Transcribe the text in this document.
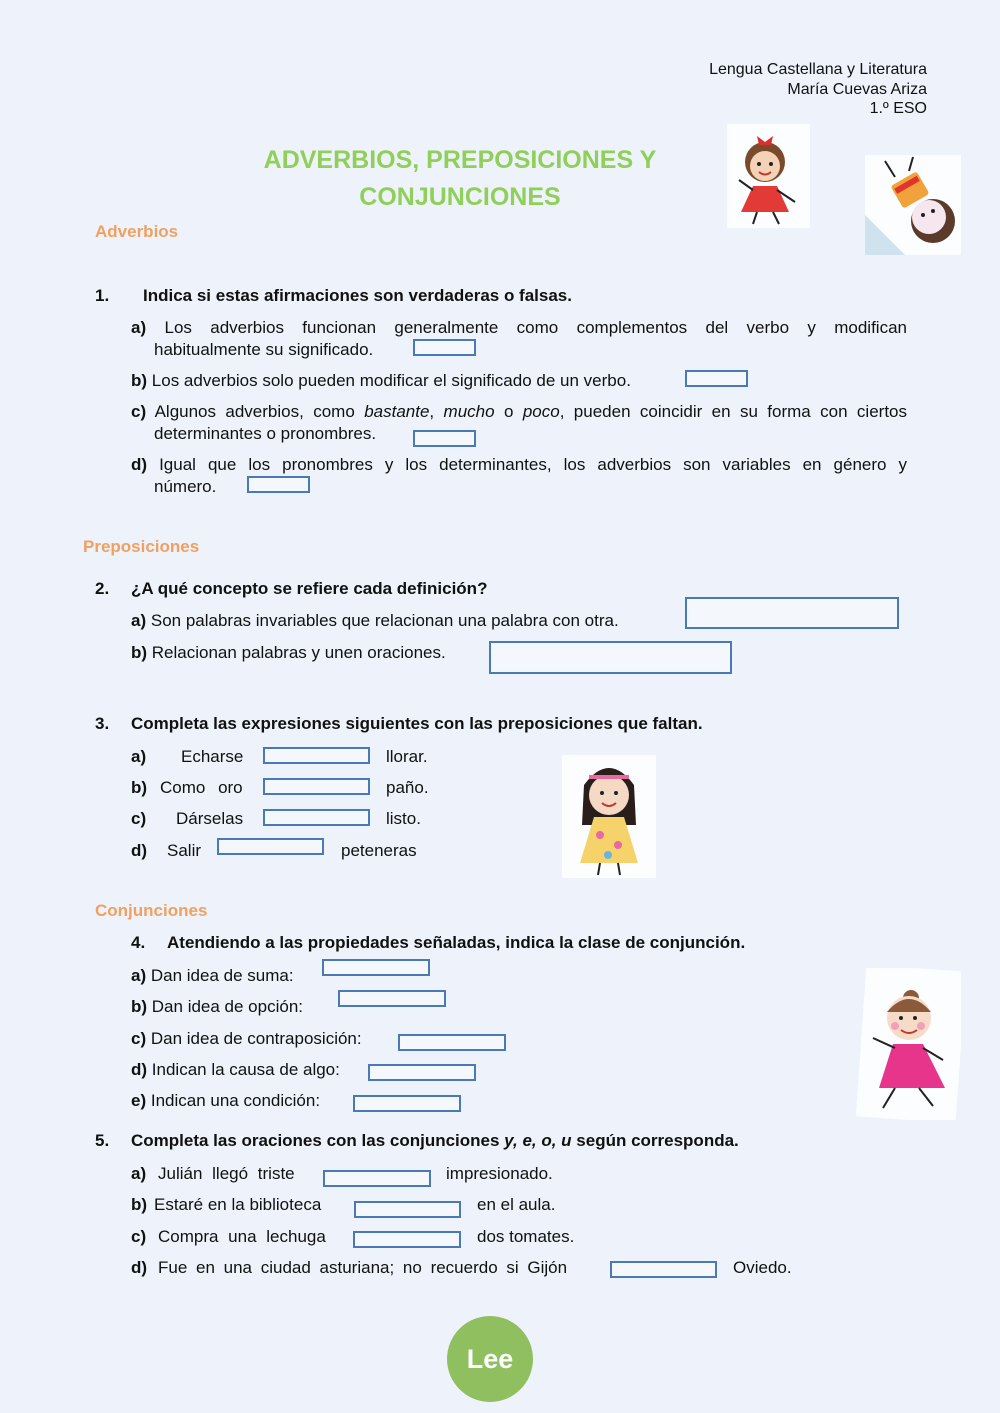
Lengua Castellana y Literatura
María Cuevas Ariza
1.º ESO
ADVERBIOS, PREPOSICIONES Y
CONJUNCIONES
Adverbios
1. Indica si estas afirmaciones son verdaderas o falsas.
a) Los adverbios funcionan generalmente como complementos del verbo y modifican
habitualmente su significado.
b) Los adverbios solo pueden modificar el significado de un verbo.
c) Algunos adverbios, como bastante, mucho o poco, pueden coincidir en su forma con ciertos
determinantes o pronombres.
d) Igual que los pronombres y los determinantes, los adverbios son variables en género y
número.
Preposiciones
2. ¿A qué concepto se refiere cada definición?
a) Son palabras invariables que relacionan una palabra con otra.
b) Relacionan palabras y unen oraciones.
3. Completa las expresiones siguientes con las preposiciones que faltan.
a) Echarse	llorar.
b) Como oro	paño.
c) Dárselas	listo.
d) Salir	peteneras
Conjunciones
4. Atendiendo a las propiedades señaladas, indica la clase de conjunción.
a) Dan idea de suma:
b) Dan idea de opción:
c) Dan idea de contraposición:
d) Indican la causa de algo:
e) Indican una condición:
5. Completa las oraciones con las conjunciones y, e, o, u según corresponda.
a) Julián llegó triste	impresionado.
b) Estaré en la biblioteca	en el aula.
c) Compra una lechuga	dos tomates.
d) Fue en una ciudad asturiana; no recuerdo si Gijón	Oviedo.
Lee
